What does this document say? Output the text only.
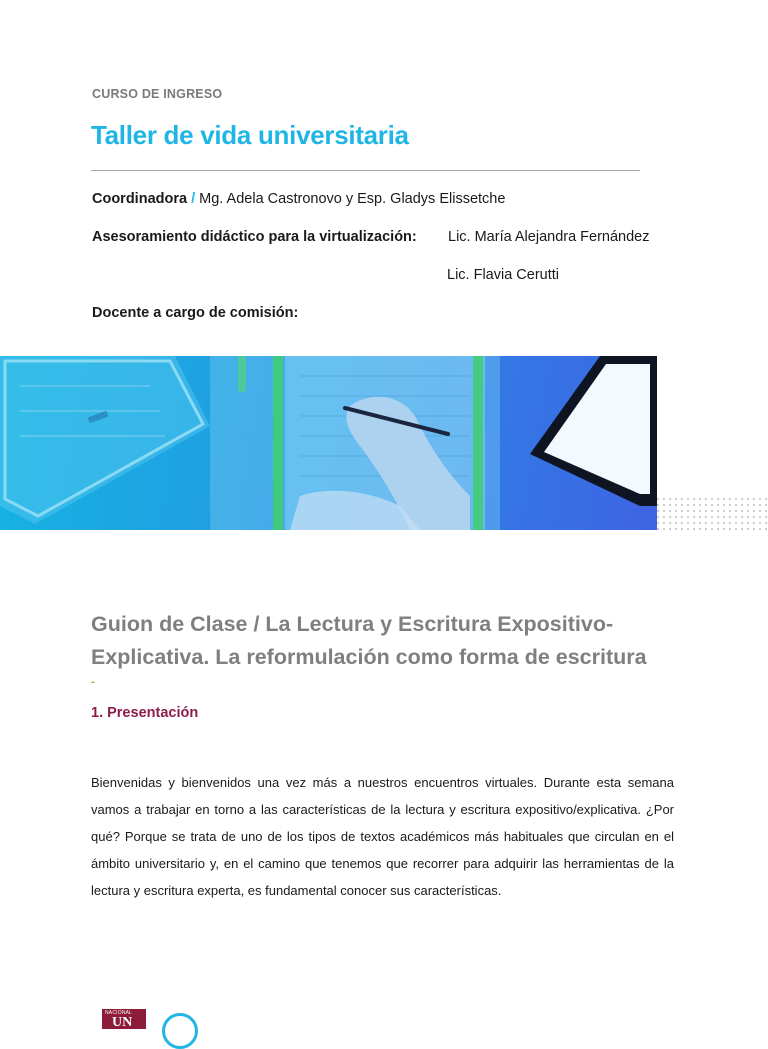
CURSO DE INGRESO
Taller de vida universitaria
Coordinadora / Mg. Adela Castronovo y Esp. Gladys Elissetche
Asesoramiento didáctico para la virtualización: Lic. María Alejandra Fernández
Lic. Flavia Cerutti
Docente a cargo de comisión:
Guion de Clase / La Lectura y Escritura Expositivo-Explicativa. La reformulación como forma de escritura
-
1. Presentación

Bienvenidas y bienvenidos una vez más a nuestros encuentros virtuales. Durante esta semana vamos a trabajar en torno a las características de la lectura y escritura expositivo/explicativa. ¿Por qué? Porque se trata de uno de los tipos de textos académicos más habituales que circulan en el ámbito universitario y, en el camino que tenemos que recorrer para adquirir las herramientas de la lectura y escritura experta, es fundamental conocer sus características.

NACIONAL
UN
